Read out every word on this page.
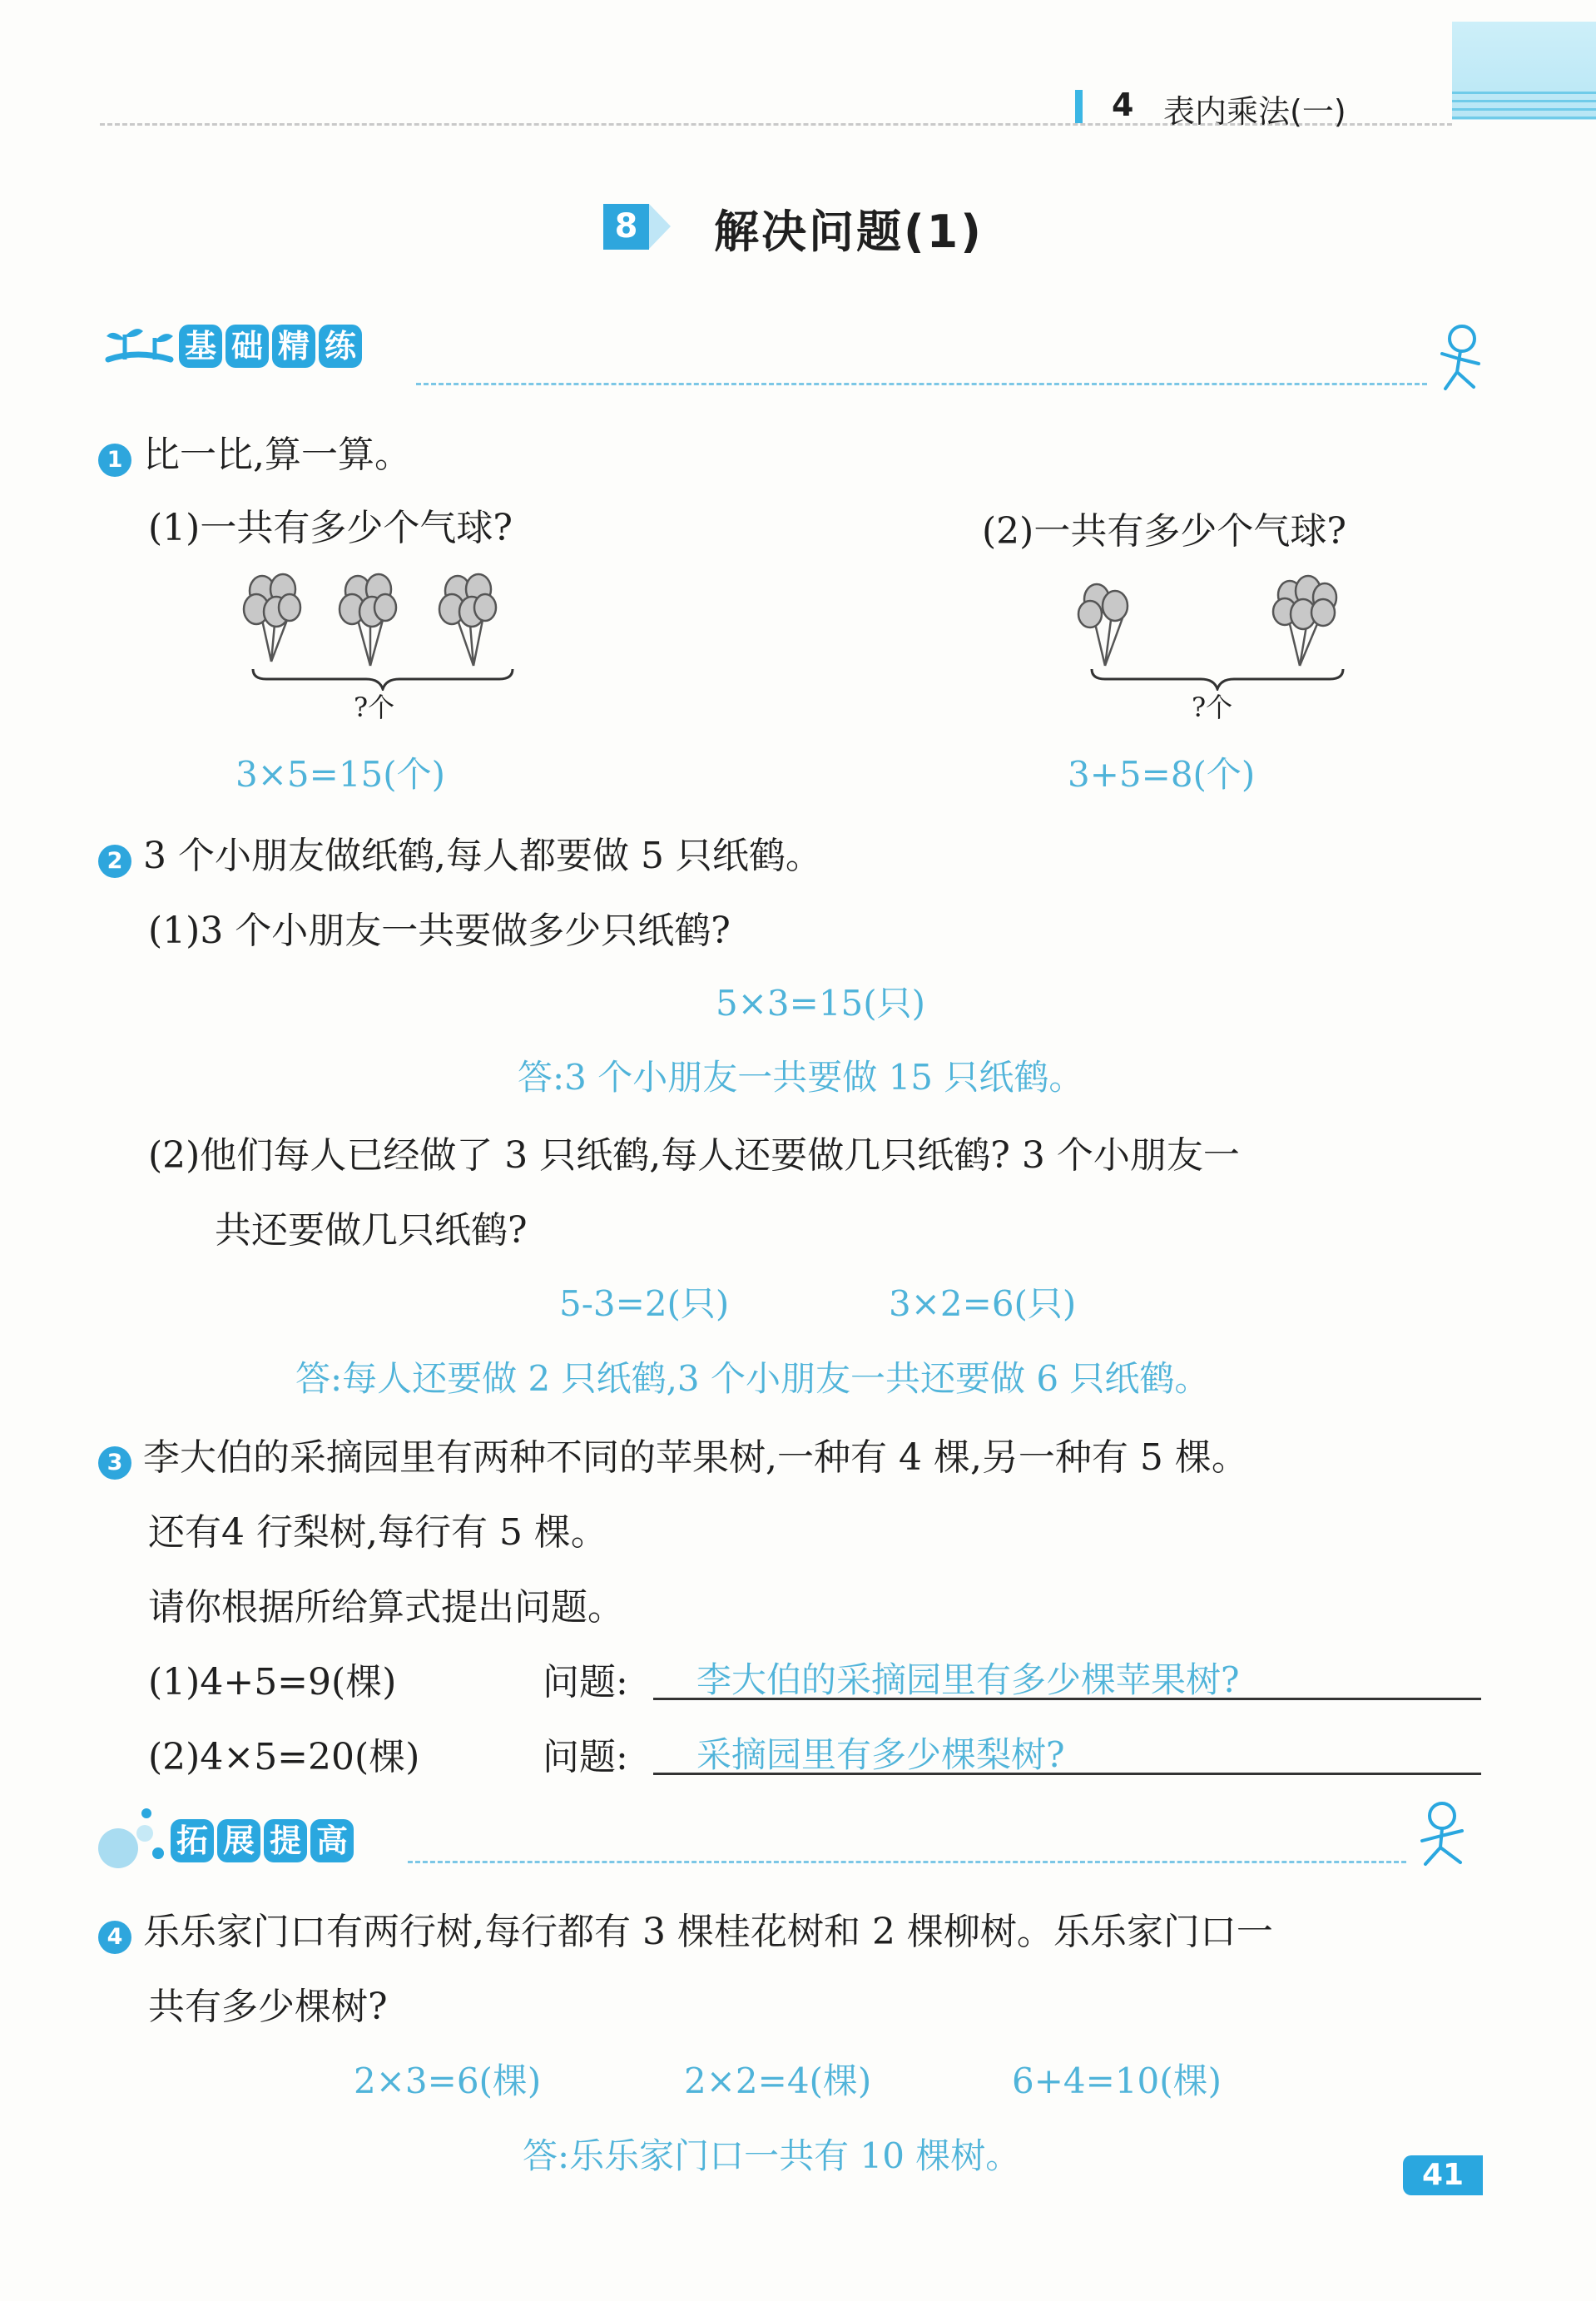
4 表内乘法(一)
8 解决问题(1)
基 础 精 练
1 比一比,算一算。
(1)一共有多少个气球?	(2)一共有多少个气球?
?个
3×5=15(个)
?个
3+5=8(个)
2 3 个小朋友做纸鹤,每人都要做 5 只纸鹤。
(1)3 个小朋友一共要做多少只纸鹤?
5×3=15(只)
答:3 个小朋友一共要做 15 只纸鹤。
(2)他们每人已经做了 3 只纸鹤,每人还要做几只纸鹤? 3 个小朋友一
共还要做几只纸鹤?
5-3=2(只)	3×2=6(只)
答:每人还要做 2 只纸鹤,3 个小朋友一共还要做 6 只纸鹤。
3 李大伯的采摘园里有两种不同的苹果树,一种有 4 棵,另一种有 5 棵。
还有4 行梨树,每行有 5 棵。
请你根据所给算式提出问题。
(1)4+5=9(棵)	问题: 李大伯的采摘园里有多少棵苹果树?
(2)4×5=20(棵)	问题: 采摘园里有多少棵梨树?
拓 展 提 高
4 乐乐家门口有两行树,每行都有 3 棵桂花树和 2 棵柳树。乐乐家门口一
共有多少棵树?
2×3=6(棵)	2×2=4(棵)	6+4=10(棵)
答:乐乐家门口一共有 10 棵树。	41
